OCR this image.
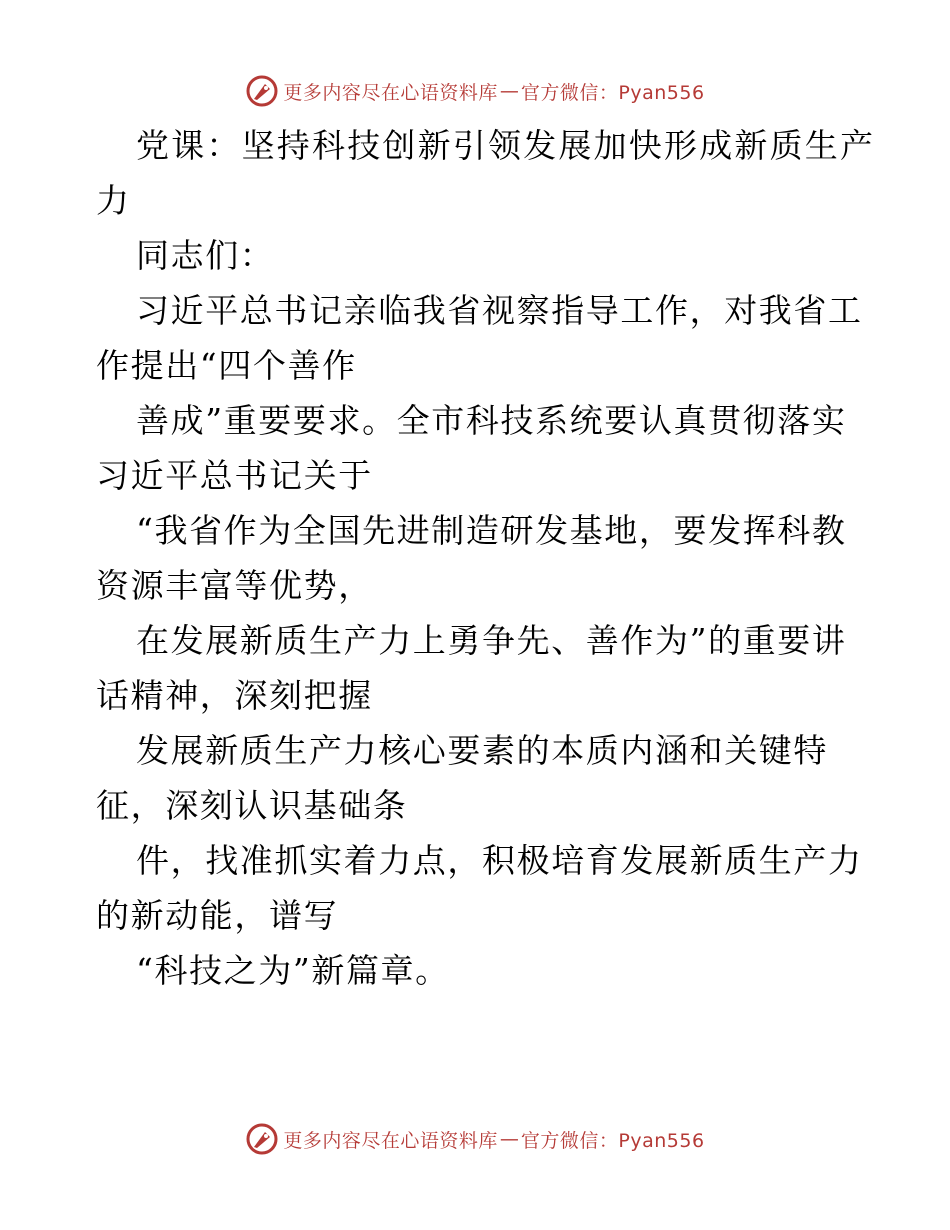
更多内容尽在心语资料库 — 官方微信：Pyan556
党课：坚持科技创新引领发展加快形成新质生产
力
同志们：
习近平总书记亲临我省视察指导工作，对我省工
作提出“四个善作
善成”重要要求。全市科技系统要认真贯彻落实
习近平总书记关于
“我省作为全国先进制造研发基地，要发挥科教
资源丰富等优势，
在发展新质生产力上勇争先、善作为”的重要讲
话精神，深刻把握
发展新质生产力核心要素的本质内涵和关键特
征，深刻认识基础条
件，找准抓实着力点，积极培育发展新质生产力
的新动能，谱写
“科技之为”新篇章。
更多内容尽在心语资料库 — 官方微信：Pyan556
